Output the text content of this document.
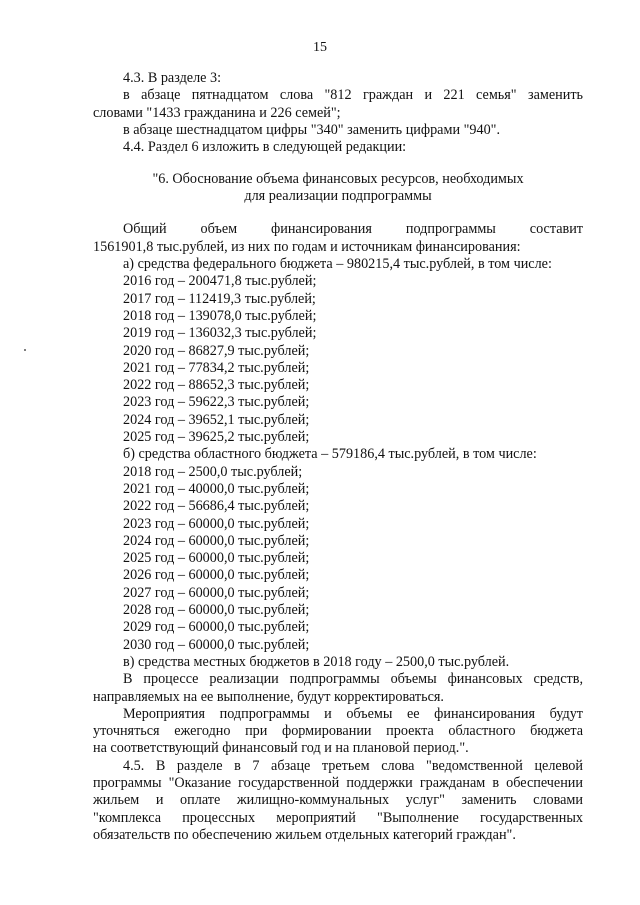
15

4.3. В разделе 3:

в абзаце пятнадцатом слова "812 граждан и 221 семья" заменить

словами "1433 гражданина и 226 семей";

в абзаце шестнадцатом цифры "340" заменить цифрами "940".

4.4. Раздел 6 изложить в следующей редакции:

"6. Обоснование объема финансовых ресурсов, необходимых

для реализации подпрограммы

Общий объем финансирования подпрограммы составит

1561901,8 тыс.рублей, из них по годам и источникам финансирования:

а) средства федерального бюджета – 980215,4 тыс.рублей, в том числе:

2016 год – 200471,8 тыс.рублей;
2017 год – 112419,3 тыс.рублей;
2018 год – 139078,0 тыс.рублей;
2019 год – 136032,3 тыс.рублей;
2020 год – 86827,9 тыс.рублей;
2021 год – 77834,2 тыс.рублей;
2022 год – 88652,3 тыс.рублей;
2023 год – 59622,3 тыс.рублей;
2024 год – 39652,1 тыс.рублей;
2025 год – 39625,2 тыс.рублей;

б) средства областного бюджета – 579186,4 тыс.рублей, в том числе:

2018 год – 2500,0 тыс.рублей;
2021 год – 40000,0 тыс.рублей;
2022 год – 56686,4 тыс.рублей;
2023 год – 60000,0 тыс.рублей;
2024 год – 60000,0 тыс.рублей;
2025 год – 60000,0 тыс.рублей;
2026 год – 60000,0 тыс.рублей;
2027 год – 60000,0 тыс.рублей;
2028 год – 60000,0 тыс.рублей;
2029 год – 60000,0 тыс.рублей;
2030 год – 60000,0 тыс.рублей;

в) средства местных бюджетов в 2018 году – 2500,0 тыс.рублей.

В процессе реализации подпрограммы объемы финансовых средств,

направляемых на ее выполнение, будут корректироваться.

Мероприятия подпрограммы и объемы ее финансирования будут

уточняться ежегодно при формировании проекта областного бюджета

на соответствующий финансовый год и на плановой период.".

4.5. В разделе в 7 абзаце третьем слова "ведомственной целевой

программы "Оказание государственной поддержки гражданам в обеспечении

жильем и оплате жилищно-коммунальных услуг" заменить словами

"комплекса процессных мероприятий "Выполнение государственных

обязательств по обеспечению жильем отдельных категорий граждан".
